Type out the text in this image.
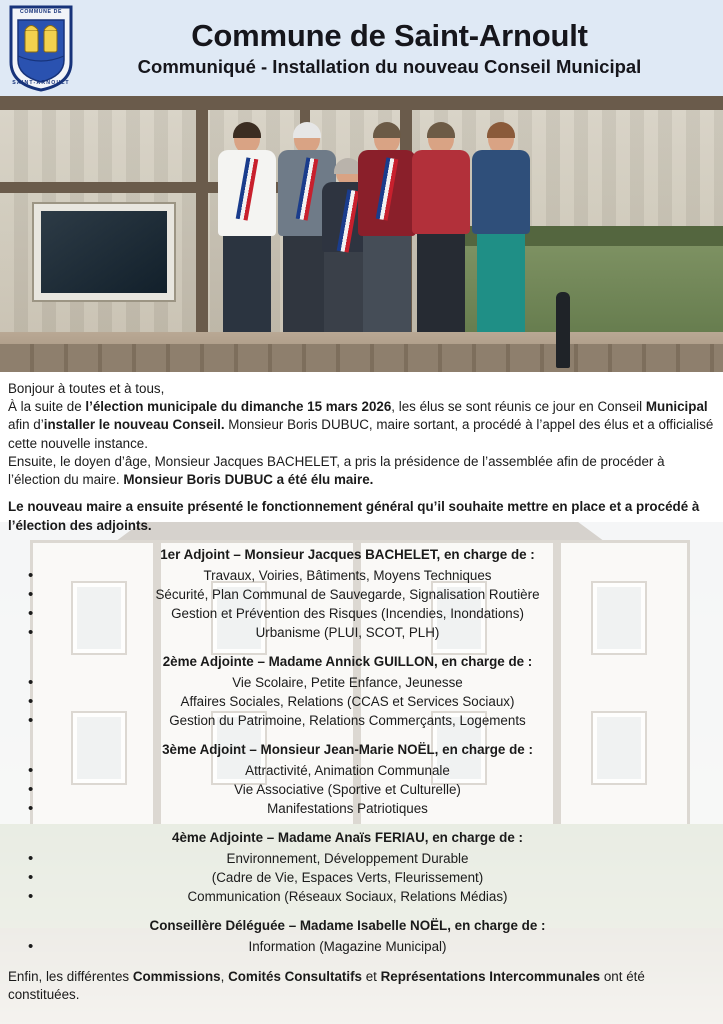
COMMUNE DE
SAINT-ARNOULT
Commune de Saint-Arnoult
Communiqué - Installation du nouveau Conseil Municipal

Bonjour à toutes et à tous,

À la suite de l’élection municipale du dimanche 15 mars 2026, les élus se sont réunis ce jour en Conseil Municipal afin d’installer le nouveau Conseil. Monsieur Boris DUBUC, maire sortant, a procédé à l’appel des élus et a officialisé cette nouvelle instance.

Ensuite, le doyen d’âge, Monsieur Jacques BACHELET, a pris la présidence de l’assemblée afin de procéder à l’élection du maire. Monsieur Boris DUBUC a été élu maire.

Le nouveau maire a ensuite présenté le fonctionnement général qu’il souhaite mettre en place et a procédé à l’élection des adjoints.

1er Adjoint – Monsieur Jacques BACHELET, en charge de :
• Travaux, Voiries, Bâtiments, Moyens Techniques
• Sécurité, Plan Communal de Sauvegarde, Signalisation Routière
• Gestion et Prévention des Risques (Incendies, Inondations)
• Urbanisme (PLUI, SCOT, PLH)
2ème Adjointe – Madame Annick GUILLON, en charge de :
• Vie Scolaire, Petite Enfance, Jeunesse
• Affaires Sociales, Relations (CCAS et Services Sociaux)
• Gestion du Patrimoine, Relations Commerçants, Logements
3ème Adjoint – Monsieur Jean-Marie NOËL, en charge de :
• Attractivité, Animation Communale
• Vie Associative (Sportive et Culturelle)
• Manifestations Patriotiques
4ème Adjointe – Madame Anaïs FERIAU, en charge de :
• Environnement, Développement Durable
• (Cadre de Vie, Espaces Verts, Fleurissement)
• Communication (Réseaux Sociaux, Relations Médias)
Conseillère Déléguée – Madame Isabelle NOËL, en charge de :
• Information (Magazine Municipal)

Enfin, les différentes Commissions, Comités Consultatifs et Représentations Intercommunales ont été constituées.
